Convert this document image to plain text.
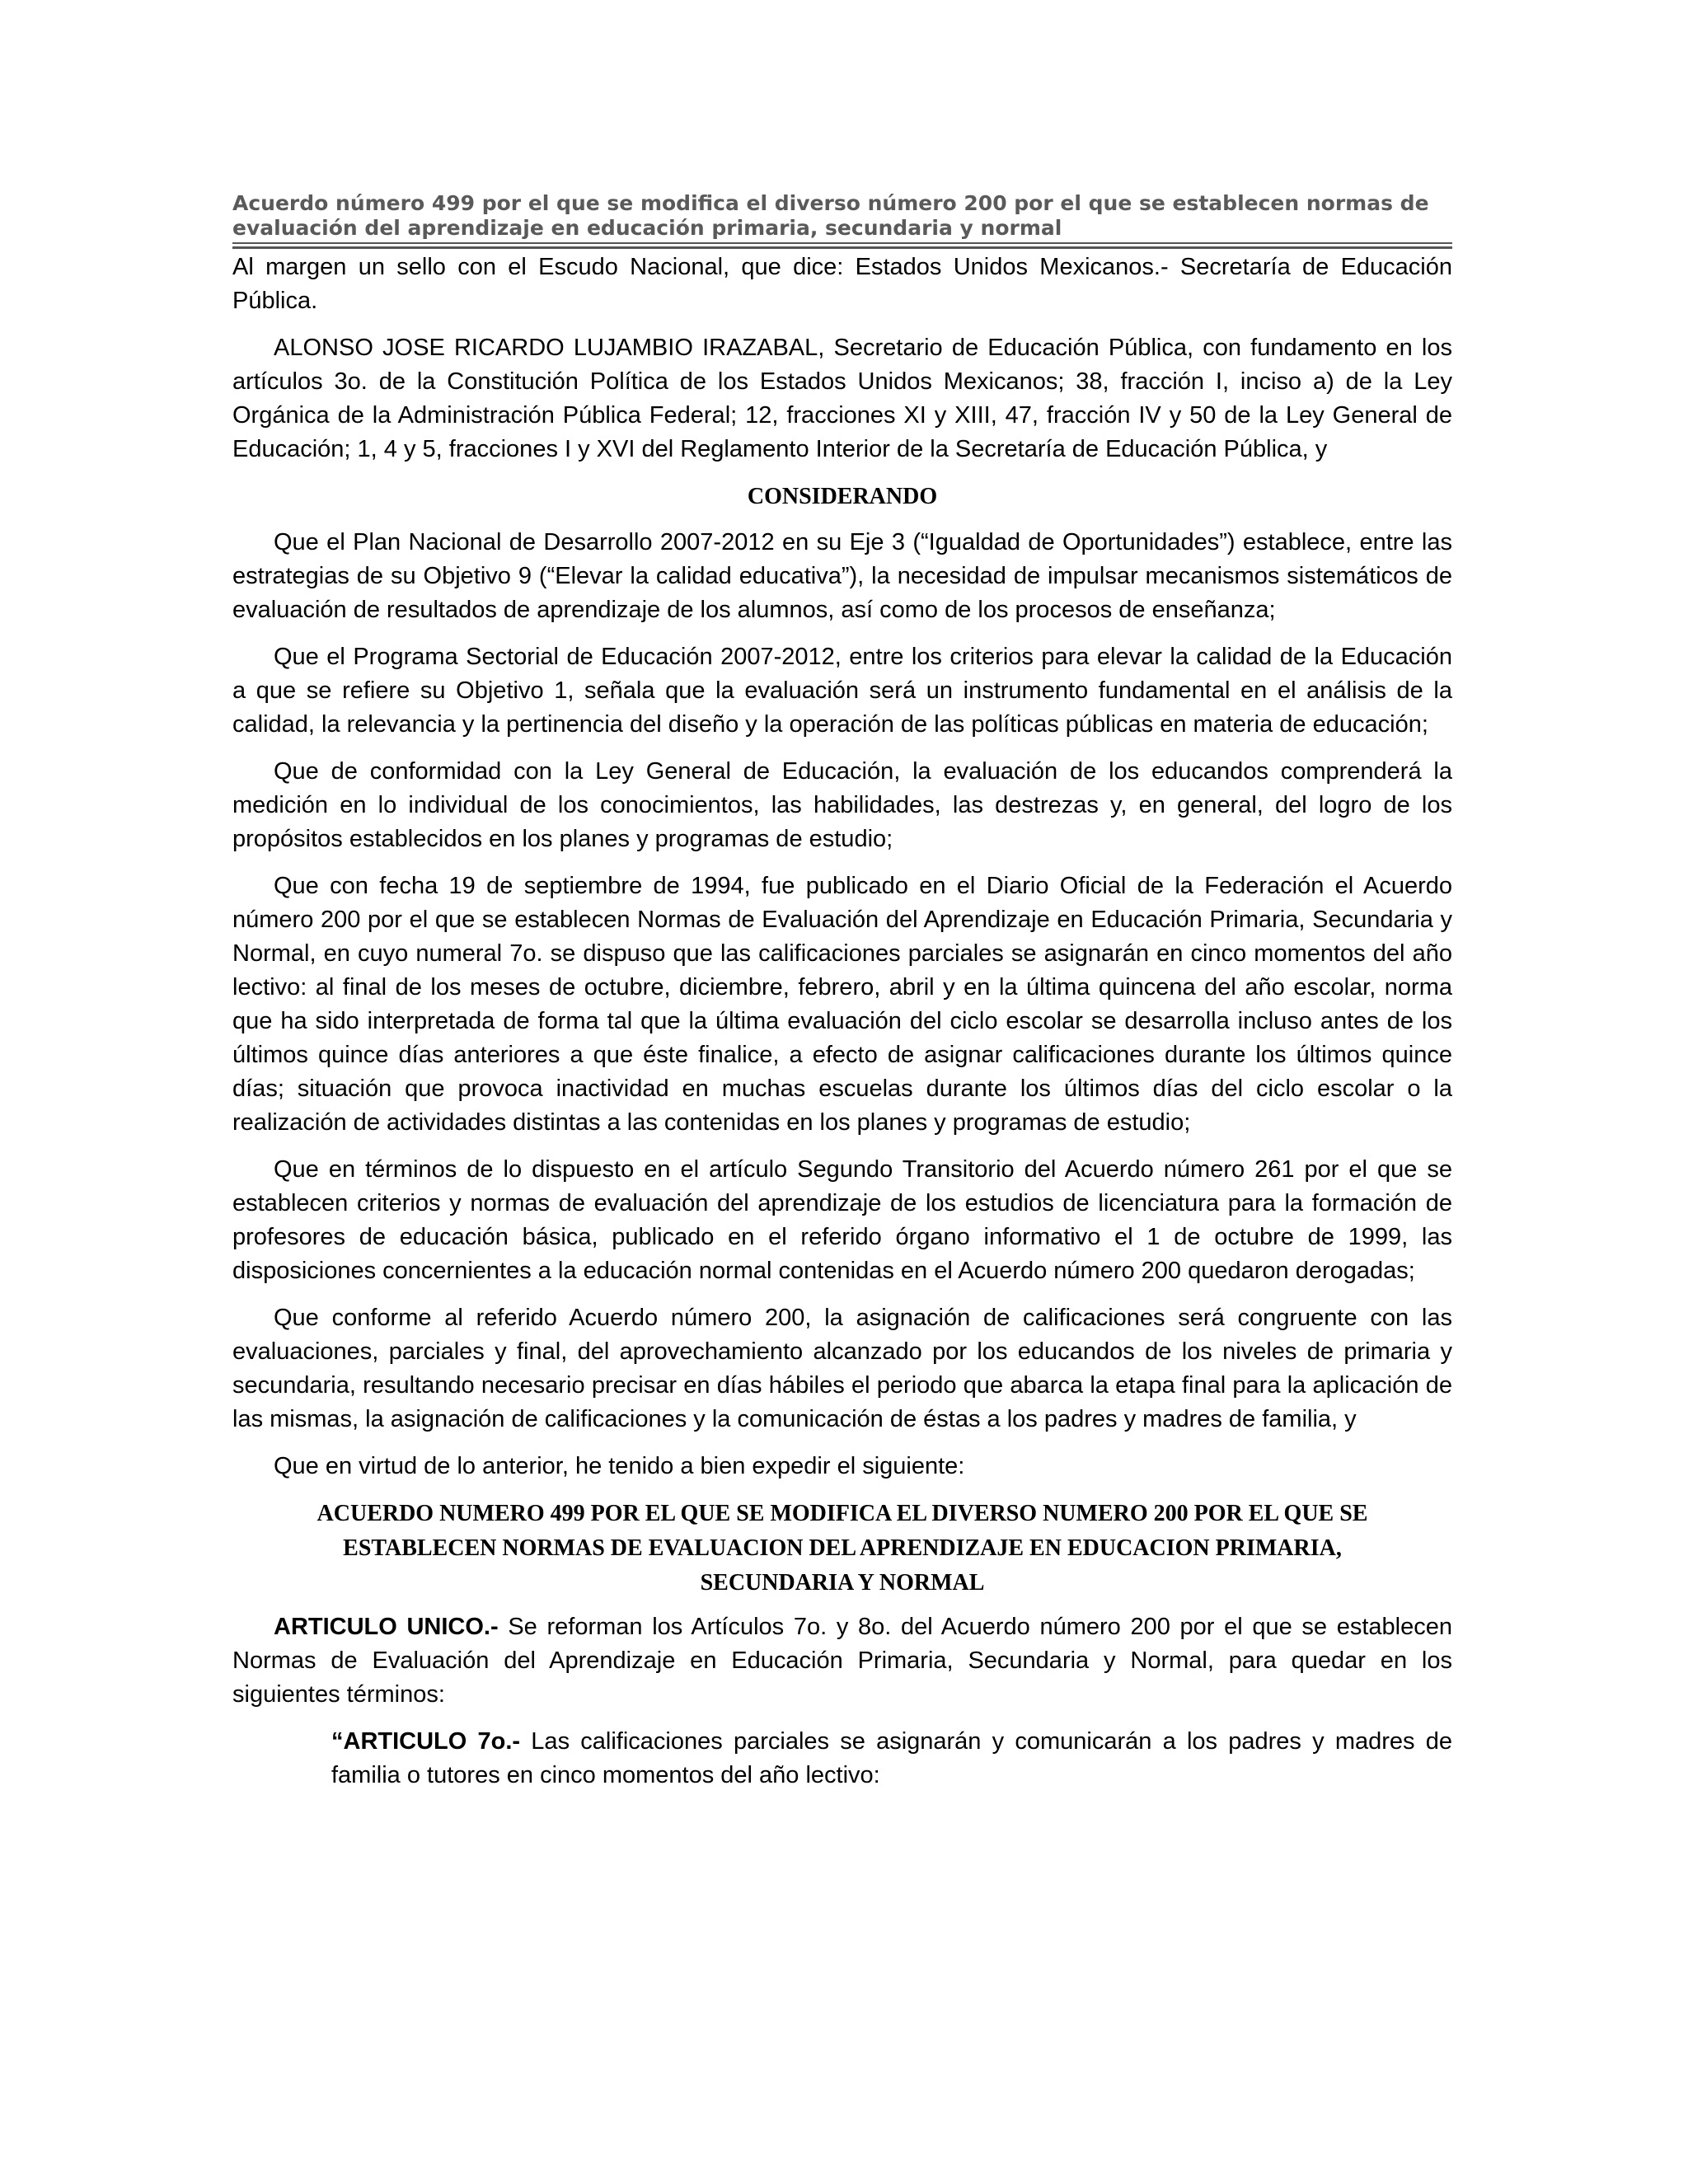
Acuerdo número 499 por el que se modifica el diverso número 200 por el que se establecen normas de
evaluación del aprendizaje en educación primaria, secundaria y normal

Al margen un sello con el Escudo Nacional, que dice: Estados Unidos Mexicanos.- Secretaría de Educación Pública.

ALONSO JOSE RICARDO LUJAMBIO IRAZABAL, Secretario de Educación Pública, con fundamento en los artículos 3o. de la Constitución Política de los Estados Unidos Mexicanos; 38, fracción I, inciso a) de la Ley Orgánica de la Administración Pública Federal; 12, fracciones XI y XIII, 47, fracción IV y 50 de la Ley General de Educación; 1, 4 y 5, fracciones I y XVI del Reglamento Interior de la Secretaría de Educación Pública, y

CONSIDERANDO

Que el Plan Nacional de Desarrollo 2007-2012 en su Eje 3 (“Igualdad de Oportunidades”) establece, entre las estrategias de su Objetivo 9 (“Elevar la calidad educativa”), la necesidad de impulsar mecanismos sistemáticos de evaluación de resultados de aprendizaje de los alumnos, así como de los procesos de enseñanza;

Que el Programa Sectorial de Educación 2007-2012, entre los criterios para elevar la calidad de la Educación a que se refiere su Objetivo 1, señala que la evaluación será un instrumento fundamental en el análisis de la calidad, la relevancia y la pertinencia del diseño y la operación de las políticas públicas en materia de educación;

Que de conformidad con la Ley General de Educación, la evaluación de los educandos comprenderá la medición en lo individual de los conocimientos, las habilidades, las destrezas y, en general, del logro de los propósitos establecidos en los planes y programas de estudio;

Que con fecha 19 de septiembre de 1994, fue publicado en el Diario Oficial de la Federación el Acuerdo número 200 por el que se establecen Normas de Evaluación del Aprendizaje en Educación Primaria, Secundaria y Normal, en cuyo numeral 7o. se dispuso que las calificaciones parciales se asignarán en cinco momentos del año lectivo: al final de los meses de octubre, diciembre, febrero, abril y en la última quincena del año escolar, norma que ha sido interpretada de forma tal que la última evaluación del ciclo escolar se desarrolla incluso antes de los últimos quince días anteriores a que éste finalice, a efecto de asignar calificaciones durante los últimos quince días; situación que provoca inactividad en muchas escuelas durante los últimos días del ciclo escolar o la realización de actividades distintas a las contenidas en los planes y programas de estudio;

Que en términos de lo dispuesto en el artículo Segundo Transitorio del Acuerdo número 261 por el que se establecen criterios y normas de evaluación del aprendizaje de los estudios de licenciatura para la formación de profesores de educación básica, publicado en el referido órgano informativo el 1 de octubre de 1999, las disposiciones concernientes a la educación normal contenidas en el Acuerdo número 200 quedaron derogadas;

Que conforme al referido Acuerdo número 200, la asignación de calificaciones será congruente con las evaluaciones, parciales y final, del aprovechamiento alcanzado por los educandos de los niveles de primaria y secundaria, resultando necesario precisar en días hábiles el periodo que abarca la etapa final para la aplicación de las mismas, la asignación de calificaciones y la comunicación de éstas a los padres y madres de familia, y

Que en virtud de lo anterior, he tenido a bien expedir el siguiente:

ACUERDO NUMERO 499 POR EL QUE SE MODIFICA EL DIVERSO NUMERO 200 POR EL QUE SE
ESTABLECEN NORMAS DE EVALUACION DEL APRENDIZAJE EN EDUCACION PRIMARIA,
SECUNDARIA Y NORMAL

ARTICULO UNICO.- Se reforman los Artículos 7o. y 8o. del Acuerdo número 200 por el que se establecen Normas de Evaluación del Aprendizaje en Educación Primaria, Secundaria y Normal, para quedar en los siguientes términos:

“ARTICULO 7o.- Las calificaciones parciales se asignarán y comunicarán a los padres y madres de familia o tutores en cinco momentos del año lectivo:
